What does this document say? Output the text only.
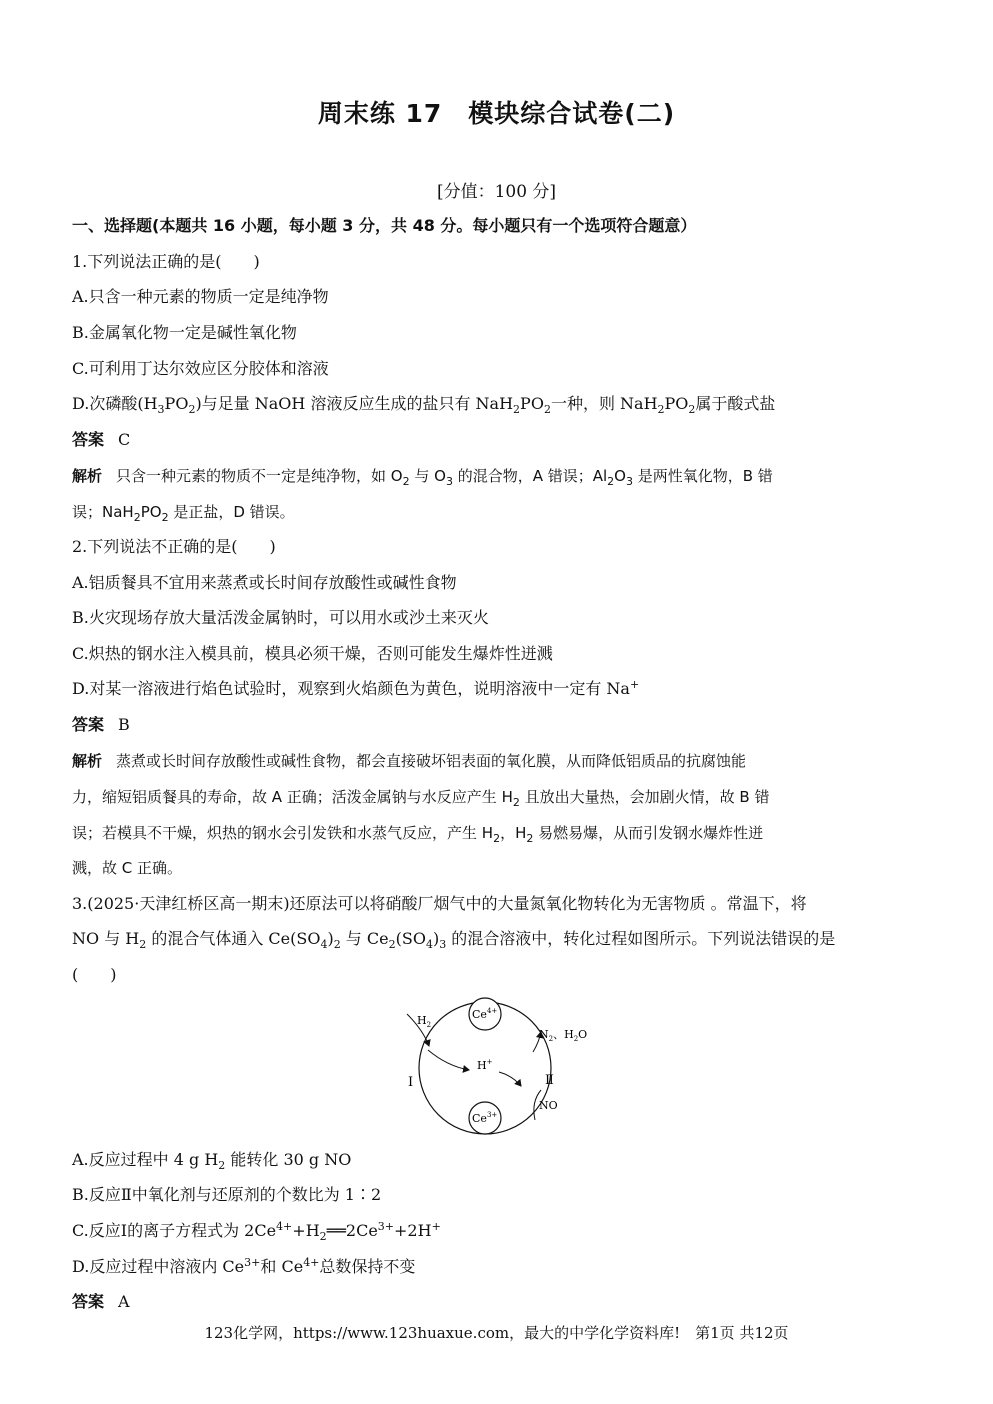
周末练 17　模块综合试卷(二)
[分值：100 分]
一、选择题(本题共 16 小题，每小题 3 分，共 48 分。每小题只有一个选项符合题意）
1.下列说法正确的是(　　)
A.只含一种元素的物质一定是纯净物
B.金属氧化物一定是碱性氧化物
C.可利用丁达尔效应区分胶体和溶液
D.次磷酸$(H_3PO_2)$与足量 NaOH 溶液反应生成的盐只有 $NaH_2PO_2$一种，则 $NaH_2PO_2$属于酸式盐
答案 C
解析 只含一种元素的物质不一定是纯净物，如 $O_2$ 与 $O_3$ 的混合物，A 错误；$Al_2O_3$ 是两性氧化物，B 错
误；$NaH_2PO_2$ 是正盐，D 错误。
2.下列说法不正确的是(　　)
A.铝质餐具不宜用来蒸煮或长时间存放酸性或碱性食物
B.火灾现场存放大量活泼金属钠时，可以用水或沙土来灭火
C.炽热的钢水注入模具前，模具必须干燥，否则可能发生爆炸性迸溅
D.对某一溶液进行焰色试验时，观察到火焰颜色为黄色，说明溶液中一定有 Na+
答案 B
解析 蒸煮或长时间存放酸性或碱性食物，都会直接破坏铝表面的氧化膜，从而降低铝质品的抗腐蚀能
力，缩短铝质餐具的寿命，故 A 正确；活泼金属钠与水反应产生 $H_2$ 且放出大量热，会加剧火情，故 B 错
误；若模具不干燥，炽热的钢水会引发铁和水蒸气反应，产生 $H_2$，$H_2$ 易燃易爆，从而引发钢水爆炸性迸
溅，故 C 正确。
3.(2025·天津红桥区高一期末)还原法可以将硝酸厂烟气中的大量氮氧化物转化为无害物质 。常温下，将
NO 与 $H_2$ 的混合气体通入 $Ce(SO_4)_2$ 与 $Ce_2(SO_4)_3$ 的混合溶液中，转化过程如图所示。下列说法错误的是
(　　)
$Ce^{4+}$
$Ce^{3+}$
$H_2$
H+
$N_2$、$H_2O$
NO
Ⅰ	Ⅱ
A.反应过程中 4 g $H_2$ 能转化 30 g NO
B.反应Ⅱ中氧化剂与还原剂的个数比为 1∶2
C.反应Ⅰ的离子方程式为 $2Ce^{4+}+H_2══2Ce^{3+}+2H^+$
D.反应过程中溶液内 $Ce^{3+}$和 $Ce^{4+}$总数保持不变
答案 A
123化学网，https://www.123huaxue.com，最大的中学化学资料库!　第1页 共12页
